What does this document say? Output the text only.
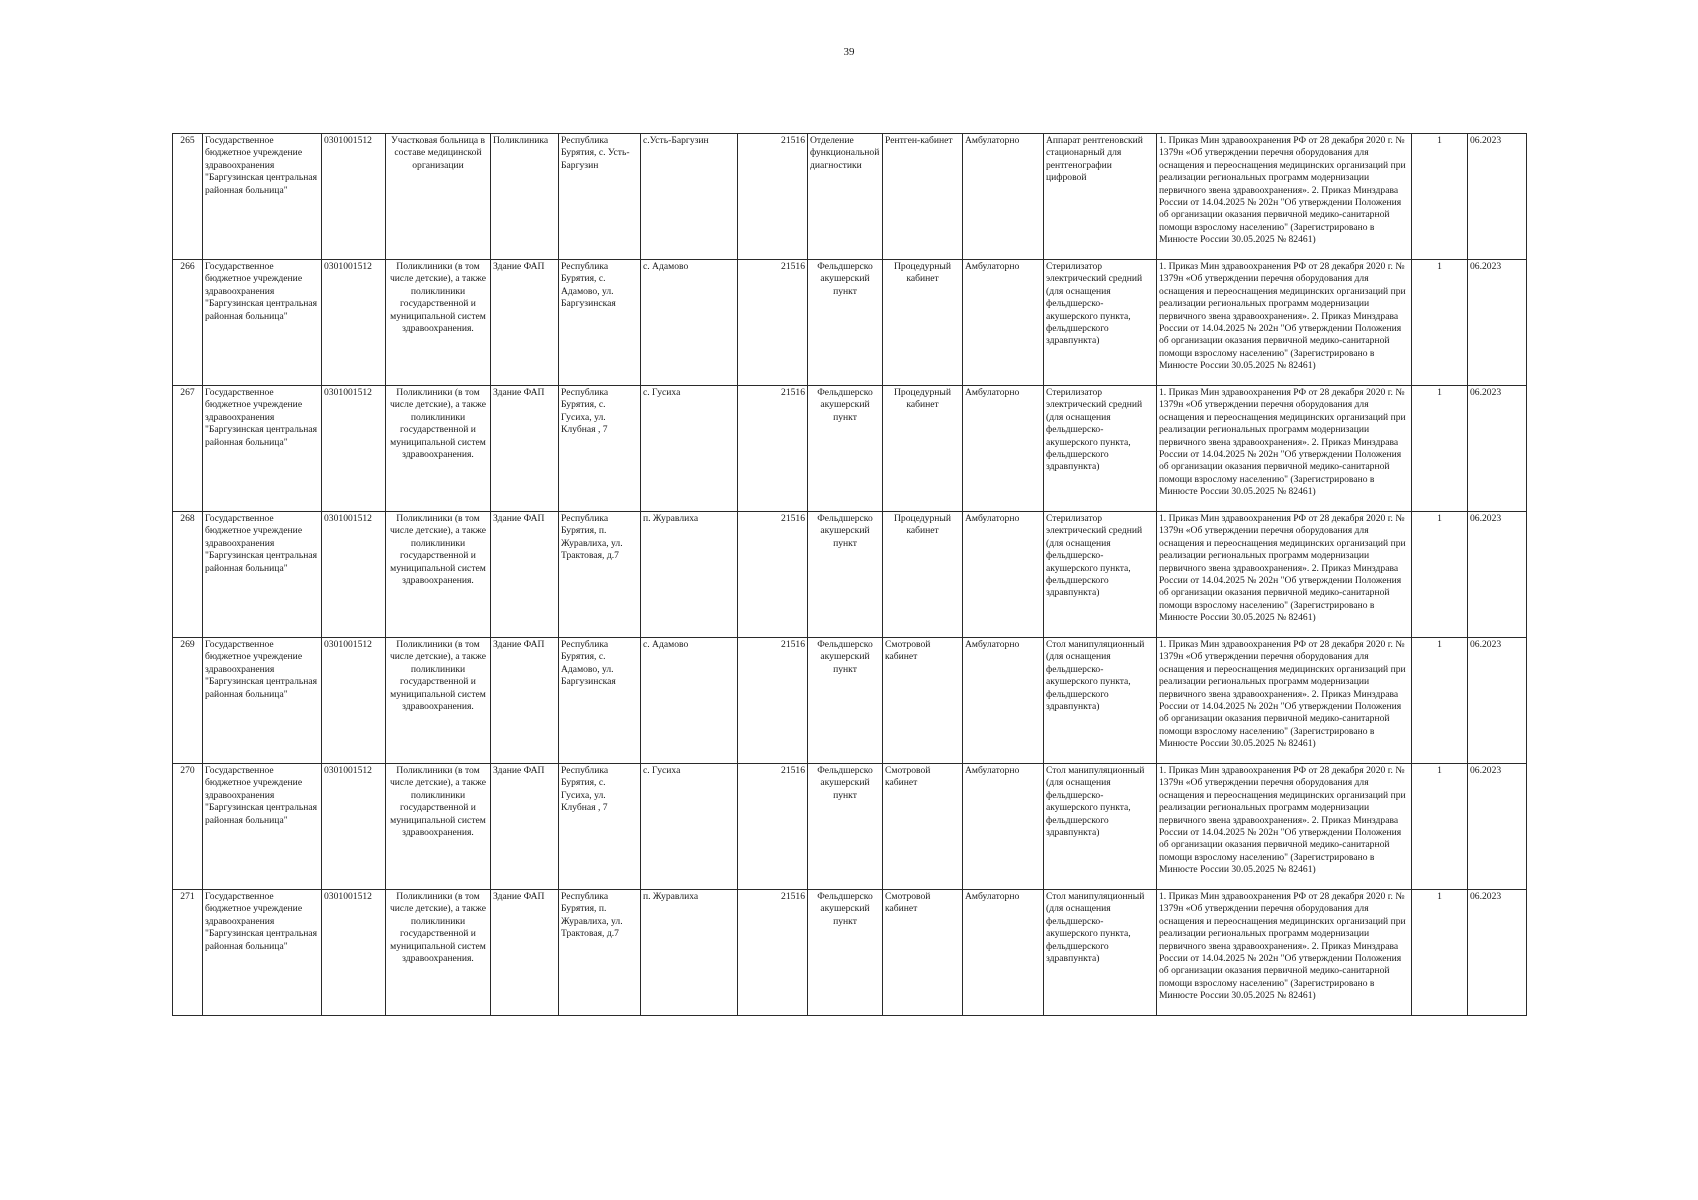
39
265	Государственное бюджетное учреждение здравоохранения "Баргузинская центральная районная больница"	0301001512	Участковая больница в составе медицинской организации	Поликлиника	Республика Бурятия, с. Усть-Баргузин	с.Усть-Баргузин	21516	Отделение функциональной диагностики	Рентген-кабинет	Амбулаторно	Аппарат рентгеновский стационарный для рентгенографии цифровой	1. Приказ Мин здравоохранения РФ от 28 декабря 2020 г. № 1379н «Об утверждении перечня оборудования для оснащения и переоснащения медицинских организаций при реализации региональных программ модернизации первичного звена здравоохранения». 2. Приказ Минздрава России от 14.04.2025 № 202н "Об утверждении Положения об организации оказания первичной медико-санитарной помощи взрослому населению" (Зарегистрировано в Минюсте России 30.05.2025 № 82461)	1	06.2023
266	Государственное бюджетное учреждение здравоохранения "Баргузинская центральная районная больница"	0301001512	Поликлиники (в том числе детские), а также поликлиники государственной и муниципальной систем здравоохранения.	Здание ФАП	Республика Бурятия, с. Адамово, ул. Баргузинская	с. Адамово	21516	Фельдшерско акушерский пункт	Процедурный кабинет	Амбулаторно	Стерилизатор электрический средний (для оснащения фельдшерско-акушерского пункта, фельдшерского здравпункта)	1. Приказ Мин здравоохранения РФ от 28 декабря 2020 г. № 1379н «Об утверждении перечня оборудования для оснащения и переоснащения медицинских организаций при реализации региональных программ модернизации первичного звена здравоохранения». 2. Приказ Минздрава России от 14.04.2025 № 202н "Об утверждении Положения об организации оказания первичной медико-санитарной помощи взрослому населению" (Зарегистрировано в Минюсте России 30.05.2025 № 82461)	1	06.2023
267	Государственное бюджетное учреждение здравоохранения "Баргузинская центральная районная больница"	0301001512	Поликлиники (в том числе детские), а также поликлиники государственной и муниципальной систем здравоохранения.	Здание ФАП	Республика Бурятия, с. Гусиха, ул. Клубная , 7	с. Гусиха	21516	Фельдшерско акушерский пункт	Процедурный кабинет	Амбулаторно	Стерилизатор электрический средний (для оснащения фельдшерско-акушерского пункта, фельдшерского здравпункта)	1. Приказ Мин здравоохранения РФ от 28 декабря 2020 г. № 1379н «Об утверждении перечня оборудования для оснащения и переоснащения медицинских организаций при реализации региональных программ модернизации первичного звена здравоохранения». 2. Приказ Минздрава России от 14.04.2025 № 202н "Об утверждении Положения об организации оказания первичной медико-санитарной помощи взрослому населению" (Зарегистрировано в Минюсте России 30.05.2025 № 82461)	1	06.2023
268	Государственное бюджетное учреждение здравоохранения "Баргузинская центральная районная больница"	0301001512	Поликлиники (в том числе детские), а также поликлиники государственной и муниципальной систем здравоохранения.	Здание ФАП	Республика Бурятия, п. Журавлиха, ул. Трактовая, д.7	п. Журавлиха	21516	Фельдшерско акушерский пункт	Процедурный кабинет	Амбулаторно	Стерилизатор электрический средний (для оснащения фельдшерско-акушерского пункта, фельдшерского здравпункта)	1. Приказ Мин здравоохранения РФ от 28 декабря 2020 г. № 1379н «Об утверждении перечня оборудования для оснащения и переоснащения медицинских организаций при реализации региональных программ модернизации первичного звена здравоохранения». 2. Приказ Минздрава России от 14.04.2025 № 202н "Об утверждении Положения об организации оказания первичной медико-санитарной помощи взрослому населению" (Зарегистрировано в Минюсте России 30.05.2025 № 82461)	1	06.2023
269	Государственное бюджетное учреждение здравоохранения "Баргузинская центральная районная больница"	0301001512	Поликлиники (в том числе детские), а также поликлиники государственной и муниципальной систем здравоохранения.	Здание ФАП	Республика Бурятия, с. Адамово, ул. Баргузинская	с. Адамово	21516	Фельдшерско акушерский пункт	Смотровой кабинет	Амбулаторно	Стол манипуляционный (для оснащения фельдшерско-акушерского пункта, фельдшерского здравпункта)	1. Приказ Мин здравоохранения РФ от 28 декабря 2020 г. № 1379н «Об утверждении перечня оборудования для оснащения и переоснащения медицинских организаций при реализации региональных программ модернизации первичного звена здравоохранения». 2. Приказ Минздрава России от 14.04.2025 № 202н "Об утверждении Положения об организации оказания первичной медико-санитарной помощи взрослому населению" (Зарегистрировано в Минюсте России 30.05.2025 № 82461)	1	06.2023
270	Государственное бюджетное учреждение здравоохранения "Баргузинская центральная районная больница"	0301001512	Поликлиники (в том числе детские), а также поликлиники государственной и муниципальной систем здравоохранения.	Здание ФАП	Республика Бурятия, с. Гусиха, ул. Клубная , 7	с. Гусиха	21516	Фельдшерско акушерский пункт	Смотровой кабинет	Амбулаторно	Стол манипуляционный (для оснащения фельдшерско-акушерского пункта, фельдшерского здравпункта)	1. Приказ Мин здравоохранения РФ от 28 декабря 2020 г. № 1379н «Об утверждении перечня оборудования для оснащения и переоснащения медицинских организаций при реализации региональных программ модернизации первичного звена здравоохранения». 2. Приказ Минздрава России от 14.04.2025 № 202н "Об утверждении Положения об организации оказания первичной медико-санитарной помощи взрослому населению" (Зарегистрировано в Минюсте России 30.05.2025 № 82461)	1	06.2023
271	Государственное бюджетное учреждение здравоохранения "Баргузинская центральная районная больница"	0301001512	Поликлиники (в том числе детские), а также поликлиники государственной и муниципальной систем здравоохранения.	Здание ФАП	Республика Бурятия, п. Журавлиха, ул. Трактовая, д.7	п. Журавлиха	21516	Фельдшерско акушерский пункт	Смотровой кабинет	Амбулаторно	Стол манипуляционный (для оснащения фельдшерско-акушерского пункта, фельдшерского здравпункта)	1. Приказ Мин здравоохранения РФ от 28 декабря 2020 г. № 1379н «Об утверждении перечня оборудования для оснащения и переоснащения медицинских организаций при реализации региональных программ модернизации первичного звена здравоохранения». 2. Приказ Минздрава России от 14.04.2025 № 202н "Об утверждении Положения об организации оказания первичной медико-санитарной помощи взрослому населению" (Зарегистрировано в Минюсте России 30.05.2025 № 82461)	1	06.2023
